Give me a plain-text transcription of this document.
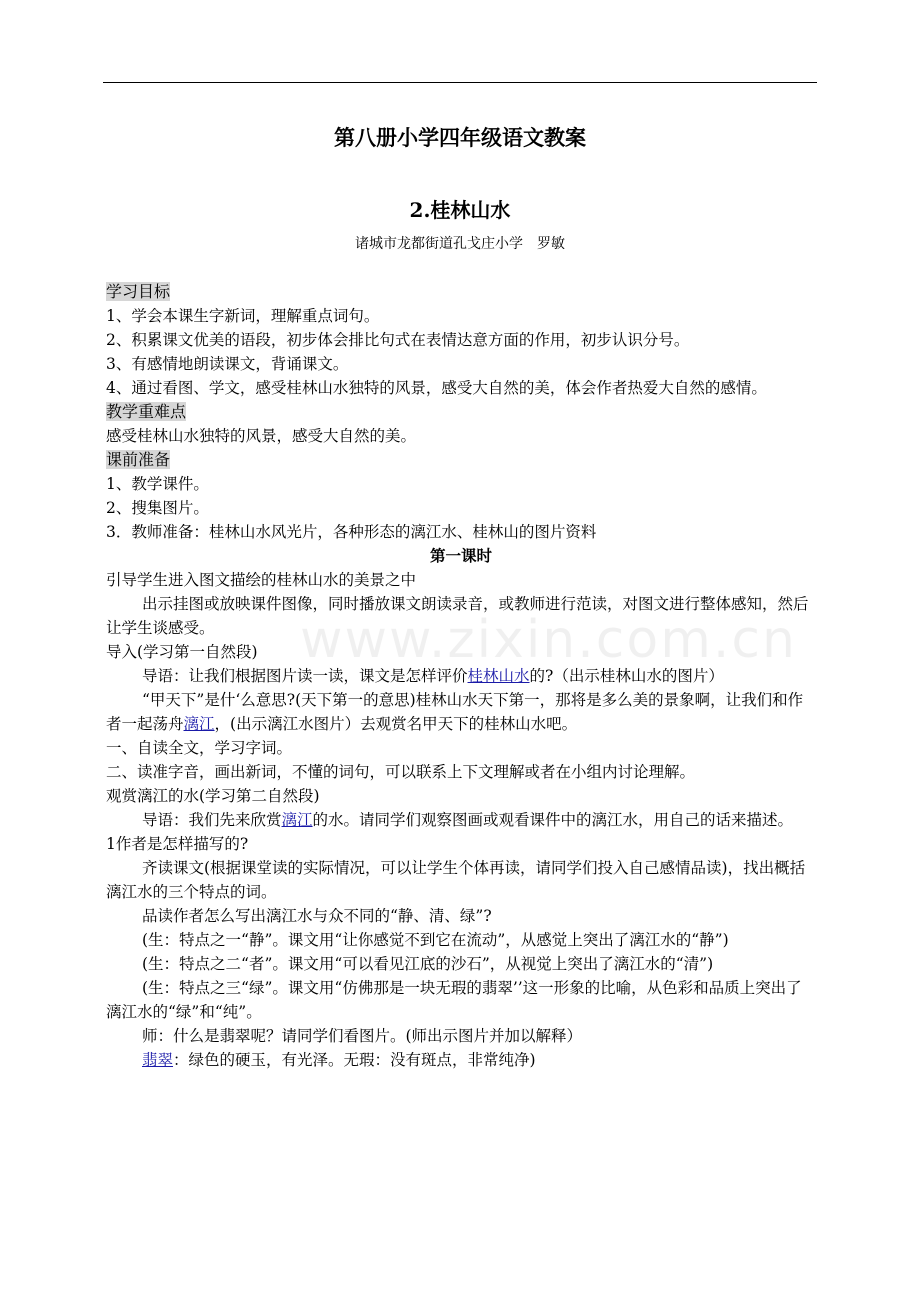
第八册小学四年级语文教案
2.桂林山水
诸城市龙都街道孔戈庄小学　罗敏
www.zixin.com.cn

学习目标

1、学会本课生字新词，理解重点词句。

2、积累课文优美的语段，初步体会排比句式在表情达意方面的作用，初步认识分号。

3、有感情地朗读课文，背诵课文。

4、通过看图、学文，感受桂林山水独特的风景，感受大自然的美，体会作者热爱大自然的感情。

教学重难点

感受桂林山水独特的风景，感受大自然的美。

课前准备

1、教学课件。

2、搜集图片。

3．教师准备：桂林山水风光片，各种形态的漓江水、桂林山的图片资料

第一课时

引导学生进入图文描绘的桂林山水的美景之中

出示挂图或放映课件图像，同时播放课文朗读录音，或教师进行范读，对图文进行整体感知，然后让学生谈感受。

导入(学习第一自然段)

导语：让我们根据图片读一读，课文是怎样评价桂林山水的?（出示桂林山水的图片）

“甲天下”是什‘么意思?(天下第一的意思)桂林山水天下第一，那将是多么美的景象啊，让我们和作者一起荡舟漓江，(出示漓江水图片）去观赏名甲天下的桂林山水吧。

一、自读全文，学习字词。

二、读准字音，画出新词，不懂的词句，可以联系上下文理解或者在小组内讨论理解。

观赏漓江的水(学习第二自然段)

导语：我们先来欣赏漓江的水。请同学们观察图画或观看课件中的漓江水，用自己的话来描述。

1作者是怎样描写的?

齐读课文(根据课堂读的实际情况，可以让学生个体再读，请同学们投入自己感情品读)，找出概括漓江水的三个特点的词。

品读作者怎么写出漓江水与众不同的“静、清、绿”?

(生：特点之一“静”。课文用“让你感觉不到它在流动”，从感觉上突出了漓江水的“静”)

(生：特点之二“者”。课文用“可以看见江底的沙石”，从视觉上突出了漓江水的“清”)

(生：特点之三“绿”。课文用“仿佛那是一块无瑕的翡翠’’这一形象的比喻，从色彩和品质上突出了漓江水的“绿”和“纯”。

师：什么是翡翠呢？请同学们看图片。(师出示图片并加以解释）

翡翠：绿色的硬玉，有光泽。无瑕：没有斑点，非常纯净)
